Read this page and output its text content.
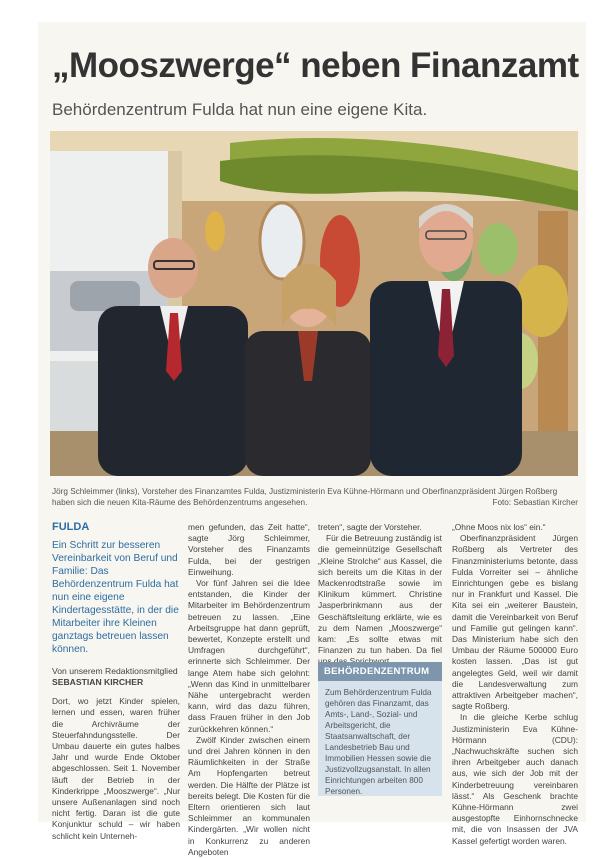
„Mooszwerge“ neben Finanzamt
Behördenzentrum Fulda hat nun eine eigene Kita.
Jörg Schleimmer (links), Vorsteher des Finanzamtes Fulda, Justizministerin Eva Kühne-Hörmann und Oberfinanzpräsident Jürgen Roßberg haben sich die neuen Kita-Räume des Behördenzentrums angesehen.	Foto: Sebastian Kircher
FULDA
Ein Schritt zur besseren Vereinbarkeit von Beruf und Familie: Das Behördenzentrum Fulda hat nun eine eigene Kindertagesstätte, in der die Mitarbeiter ihre Kleinen ganztags betreuen lassen können.
Von unserem Redaktionsmitglied
SEBASTIAN KIRCHER

Dort, wo jetzt Kinder spielen, lernen und essen, waren früher die Archivräume der Steuerfahndungsstelle. Der Umbau dauerte ein gutes halbes Jahr und wurde Ende Oktober abgeschlossen. Seit 1. November läuft der Betrieb in der Kinderkrippe „Mooszwerge“. „Nur unsere Außenanlagen sind noch nicht fertig. Daran ist die gute Konjunktur schuld – wir haben schlicht kein Unterneh-

men gefunden, das Zeit hatte“, sagte Jörg Schleimmer, Vorsteher des Finanzamts Fulda, bei der gestrigen Einweihung.

Vor fünf Jahren sei die Idee entstanden, die Kinder der Mitarbeiter im Behördenzentrum betreuen zu lassen. „Eine Arbeitsgruppe hat dann geprüft, bewertet, Konzepte erstellt und Umfragen durchgeführt“, erinnerte sich Schleimmer. Der lange Atem habe sich gelohnt: „Wenn das Kind in unmittelbarer Nähe untergebracht werden kann, wird das dazu führen, dass Frauen früher in den Job zurückkehren können.“

Zwölf Kinder zwischen einem und drei Jahren können in den Räumlichkeiten in der Straße Am Hopfengarten betreut werden. Die Hälfte der Plätze ist bereits belegt. Die Kosten für die Eltern orientieren sich laut Schleimmer an kommunalen Kindergärten. „Wir wollen nicht in Konkurrenz zu anderen Angeboten

treten“, sagte der Vorsteher.

Für die Betreuung zuständig ist die gemeinnützige Gesellschaft „Kleine Strolche“ aus Kassel, die sich bereits um die Kitas in der Mackenrodtstraße sowie im Klinikum kümmert. Christine Jasperbrinkmann aus der Geschäftsleitung erklärte, wie es zu dem Namen „Mooszwerge“ kam: „Es sollte etwas mit Finanzen zu tun haben. Da fiel

BEHÖRDENZENTRUM
Zum Behördenzentrum Fulda gehören das Finanzamt, das Amts-, Land-, Sozial- und Arbeitsgericht, die Staatsanwaltschaft, der Landesbetrieb Bau und Immobilien Hessen sowie die Justizvollzugsanstalt. In allen Einrichtungen arbeiten 800 Personen.

„Ohne Moos nix los“ ein.“

Oberfinanzpräsident Jürgen Roßberg als Vertreter des Finanzministeriums betonte, dass Fulda Vorreiter sei – ähnliche Einrichtungen gebe es bislang nur in Frankfurt und Kassel. Die Kita sei ein „weiterer Baustein, damit die Vereinbarkeit von Beruf und Familie gut gelingen kann“. Das Ministerium habe sich den Umbau der Räume 500000 Euro kosten lassen. „Das ist gut angelegtes Geld, weil wir damit die Landesverwaltung zum attraktiven Arbeitgeber machen“, sagte Roßberg.

In die gleiche Kerbe schlug Justizministerin Eva Kühne-Hörmann (CDU): „Nachwuchskräfte suchen sich ihren Arbeitgeber auch danach aus, wie sich der Job mit der Kinderbetreuung vereinbaren lässt.“ Als Geschenk brachte Kühne-Hörmann zwei ausgestopfte Einhornschnecke mit, die von Insassen der JVA Kassel gefertigt worden waren.
